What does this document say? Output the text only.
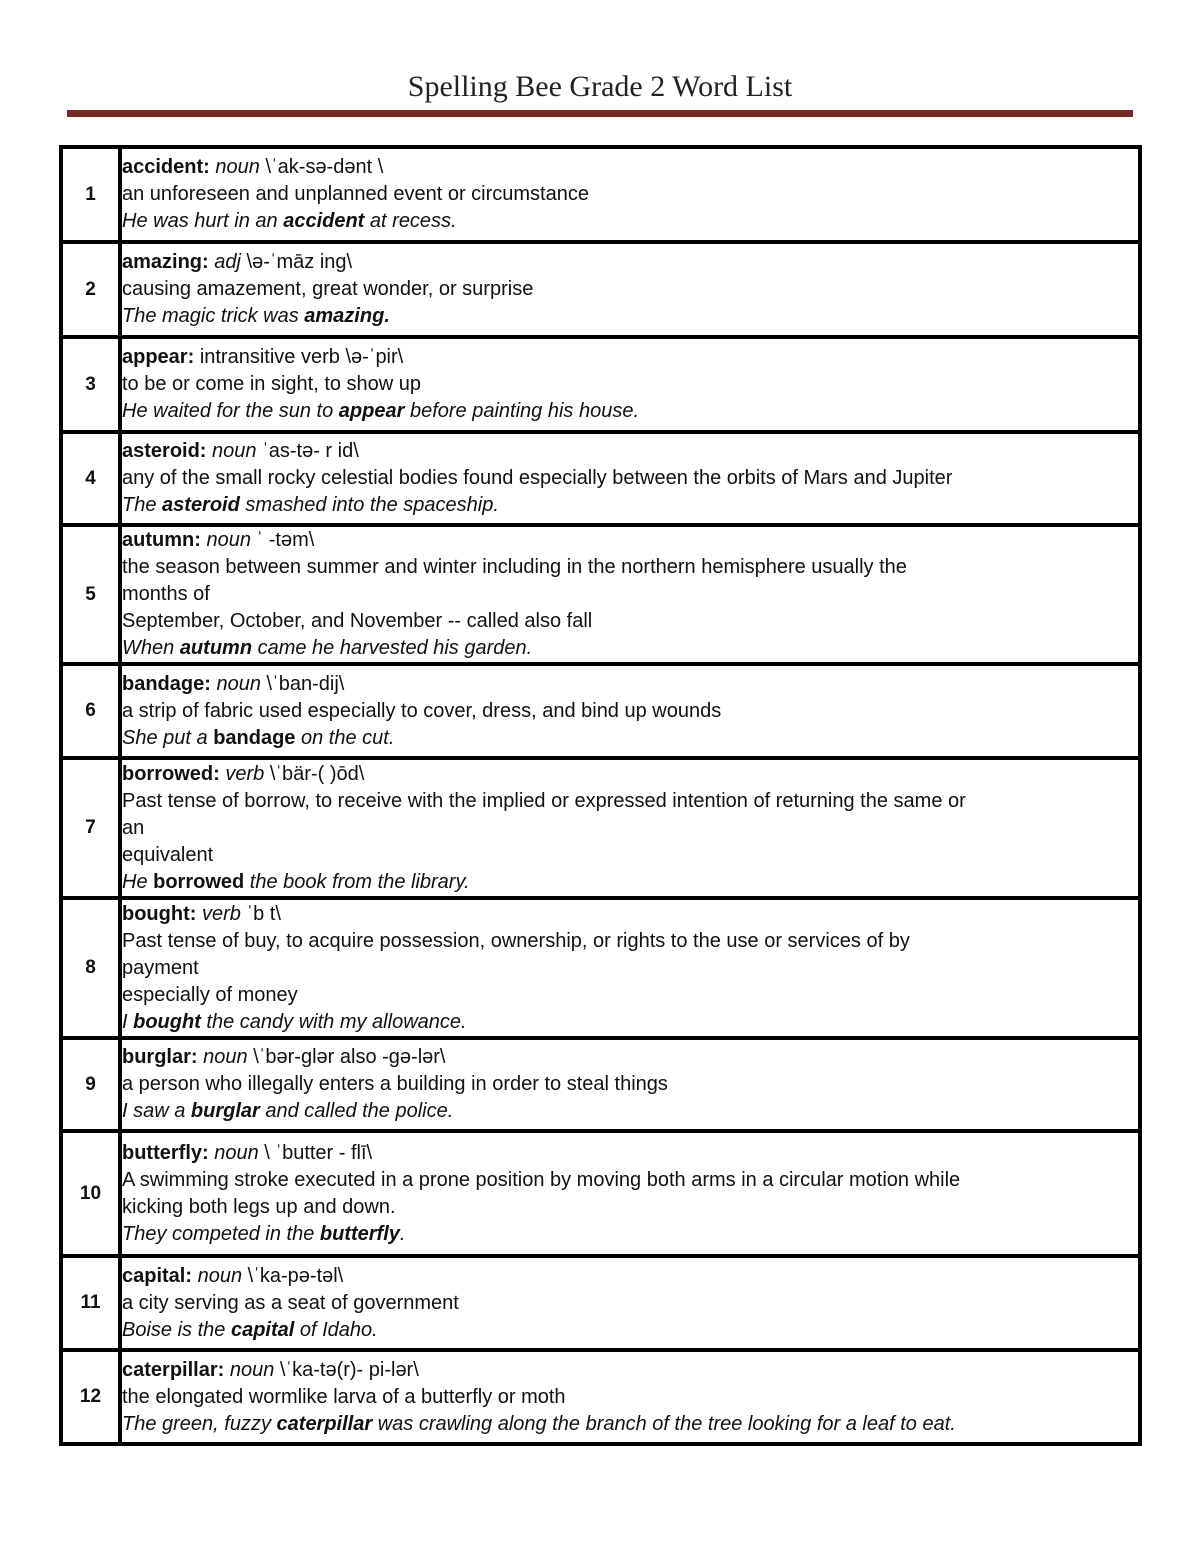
Spelling Bee Grade 2 Word List
1	accident: noun \ˈak-sə-dənt \
an unforeseen and unplanned event or circumstance
He was hurt in an accident at recess.

2	amazing: adj \ə-ˈmāz ing\
causing amazement, great wonder, or surprise
The magic trick was amazing.

3	appear: intransitive verb \ə-ˈpir\
to be or come in sight, to show up
He waited for the sun to appear before painting his house.

4	asteroid: noun ˈas-tə- r id\
any of the small rocky celestial bodies found especially between the orbits of Mars and Jupiter
The asteroid smashed into the spaceship.

5	autumn: noun ˈ -təm\
the season between summer and winter including in the northern hemisphere usually the
months of
September, October, and November -- called also fall
When autumn came he harvested his garden.

6	bandage: noun \ˈban-dij\
a strip of fabric used especially to cover, dress, and bind up wounds
She put a bandage on the cut.

7	borrowed: verb \ˈbär-( )ōd\
Past tense of borrow, to receive with the implied or expressed intention of returning the same or
an
equivalent
He borrowed the book from the library.

8	bought: verb ˈb t\
Past tense of buy, to acquire possession, ownership, or rights to the use or services of by
payment
especially of money
I bought the candy with my allowance.

9	burglar: noun \ˈbər-glər also -gə-lər\
a person who illegally enters a building in order to steal things
I saw a burglar and called the police.

10	butterfly: noun \ ˈbutter - flī\
A swimming stroke executed in a prone position by moving both arms in a circular motion while
kicking both legs up and down.
They competed in the butterfly.

11	capital: noun \ˈka-pə-təl\
a city serving as a seat of government
Boise is the capital of Idaho.

12	caterpillar: noun \ˈka-tə(r)- pi-lər\
the elongated wormlike larva of a butterfly or moth
The green, fuzzy caterpillar was crawling along the branch of the tree looking for a leaf to eat.
